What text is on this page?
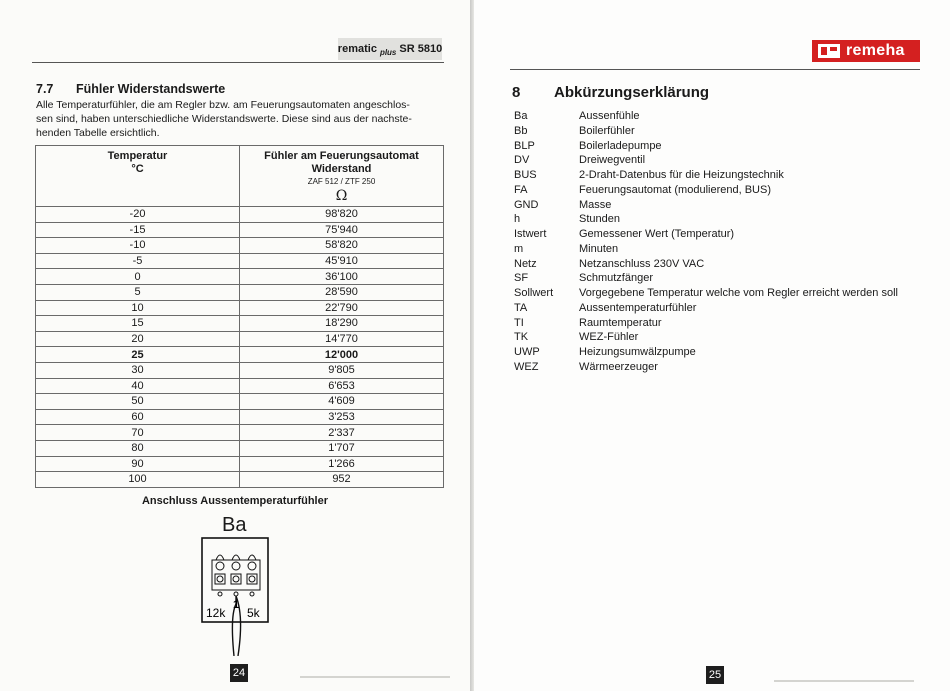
rematic plus SR 5810
7.7 Fühler Widerstandswerte
Alle Temperaturfühler, die am Regler bzw. am Feuerungsautomaten angeschlos-
sen sind, haben unterschiedliche Widerstandswerte. Diese sind aus der nachste-
henden Tabelle ersichtlich.
Temperatur
°C	Fühler am Feuerungsautomat
Widerstand
ZAF 512 / ZTF 250
Ω

-20	98'820
-15	75'940
-10	58'820
-5	45'910
0	36'100
5	28'590
10	22'790
15	18'290
20	14'770
25	12'000
30	9'805
40	6'653
50	4'609
60	3'253
70	2'337
80	1'707
90	1'266
100	952
Anschluss Aussentemperaturfühler
Ba
12k 5k
1
24
remeha
8 Abkürzungserklärung
Ba	Aussenfühle
Bb	Boilerfühler
BLP	Boilerladepumpe
DV	Dreiwegventil
BUS	2-Draht-Datenbus für die Heizungstechnik
FA	Feuerungsautomat (modulierend, BUS)
GND	Masse
h	Stunden
Istwert	Gemessener Wert (Temperatur)
m	Minuten
Netz	Netzanschluss 230V VAC
SF	Schmutzfänger
Sollwert Vorgegebene Temperatur welche vom Regler erreicht werden soll
TA	Aussentemperaturfühler
TI	Raumtemperatur
TK	WEZ-Fühler
UWP	Heizungsumwälzpumpe
WEZ	Wärmeerzeuger
25
